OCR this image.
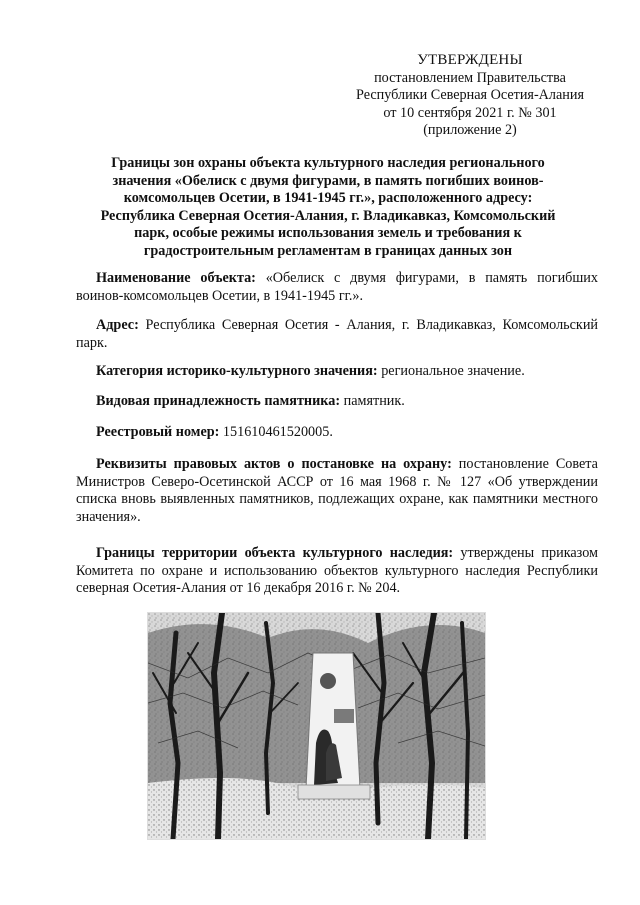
УТВЕРЖДЕНЫ
постановлением Правительства
Республики Северная Осетия-Алания
от 10 сентября 2021 г. № 301
(приложение 2)
Границы зон охраны объекта культурного наследия регионального
значения «Обелиск с двумя фигурами, в память погибших воинов-
комсомольцев Осетии, в 1941-1945 гг.», расположенного адресу:
Республика Северная Осетия-Алания, г. Владикавказ, Комсомольский
парк, особые режимы использования земель и требования к
градостроительным регламентам в границах данных зон

Наименование объекта: «Обелиск с двумя фигурами, в память погибших воинов-комсомольцев Осетии, в 1941-1945 гг.».

Адрес: Республика Северная Осетия - Алания, г. Владикавказ, Комсомольский парк.

Категория историко-культурного значения: региональное значение.

Видовая принадлежность памятника: памятник.

Реестровый номер: 151610461520005.

Реквизиты правовых актов о постановке на охрану: постановление Совета Министров Северо-Осетинской АССР от 16 мая 1968 г. № 127 «Об утверждении списка вновь выявленных памятников, подлежащих охране, как памятники местного значения».

Границы территории объекта культурного наследия: утверждены приказом Комитета по охране и использованию объектов культурного наследия Республики северная Осетия-Алания от 16 декабря 2016 г. № 204.
